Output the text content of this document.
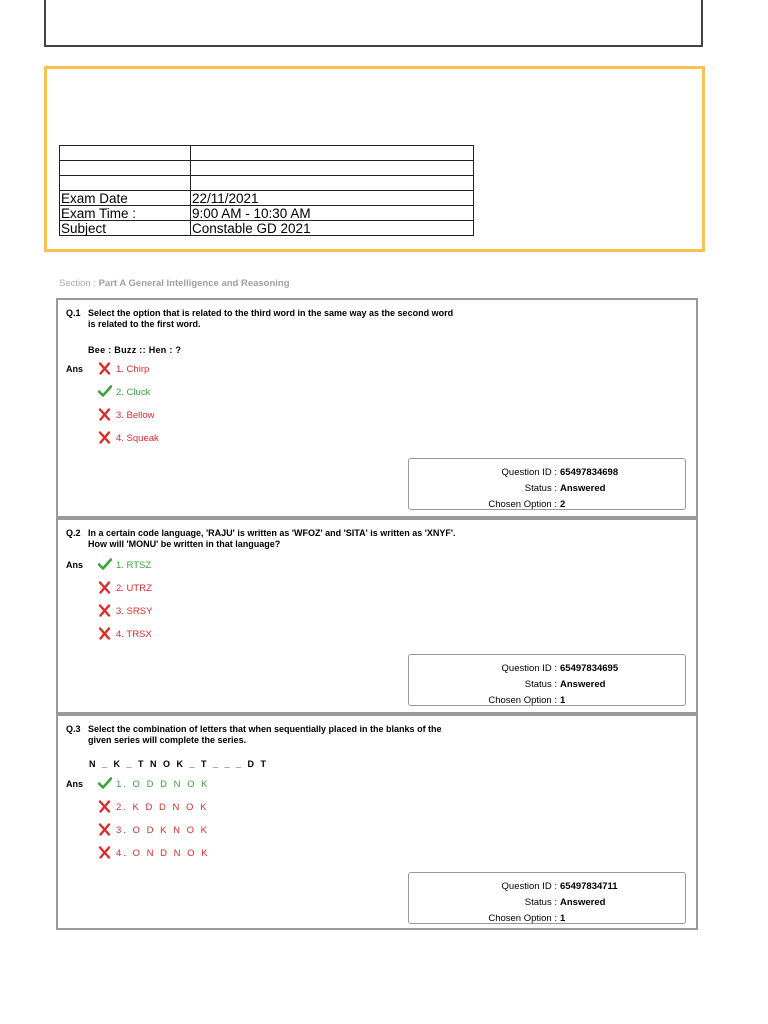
Exam Date	22/11/2021
Exam Time :	9:00 AM - 10:30 AM
Subject	Constable GD 2021
Section : Part A General Intelligence and Reasoning
Q.1 Select the option that is related to the third word in the same way as the second word
is related to the first word.
Bee : Buzz :: Hen : ?
Ans	1. Chirp
2. Cluck
3. Bellow
4. Squeak
Question ID : 65497834698
Status : Answered
Chosen Option : 2
Q.2 In a certain code language, 'RAJU' is written as 'WFOZ' and 'SITA' is written as 'XNYF'.
How will 'MONU' be written in that language?
Ans	1. RTSZ
2. UTRZ
3. SRSY
4. TRSX
Question ID : 65497834695
Status : Answered
Chosen Option : 1
Q.3 Select the combination of letters that when sequentially placed in the blanks of the
given series will complete the series.
N _ K _ T N O K _ T _ _ _ D T
Ans	1. O D D N O K
2. K D D N O K
3. O D K N O K
4. O N D N O K
Question ID : 65497834711
Status : Answered
Chosen Option : 1
